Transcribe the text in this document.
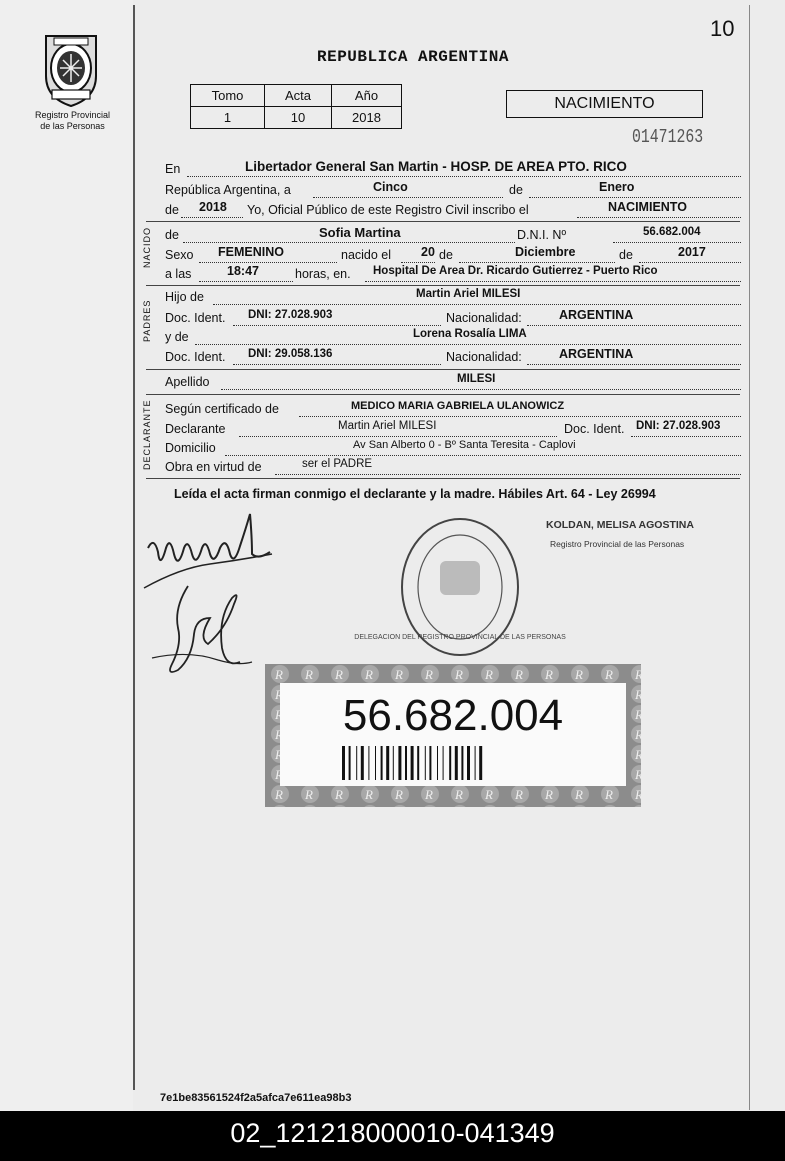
10
Registro Provincial
de las Personas
REPUBLICA ARGENTINA
Tomo	Acta	Año
1	10	2018
NACIMIENTO
01471263
En	Libertador General San Martin - HOSP. DE AREA PTO. RICO
República Argentina, a	Cinco	de	Enero
de 2018 Yo, Oficial Público de este Registro Civil inscribo el	NACIMIENTO
NACIDO de	Sofia Martina	D.N.I. Nº	56.682.004
Sexo FEMENINO	nacido el 20 de	Diciembre	de	2017
a las	18:47	horas, en. Hospital De Area Dr. Ricardo Gutierrez - Puerto Rico
PADRES
Hijo de	Martin Ariel MILESI
Doc. Ident. DNI: 27.028.903	Nacionalidad:	ARGENTINA
y de	Lorena Rosalía LIMA
Doc. Ident. DNI: 29.058.136	Nacionalidad:	ARGENTINA
Apellido	MILESI
DECLARANTE Según certificado de	MEDICO MARIA GABRIELA ULANOWICZ
Declarante	Martin Ariel MILESI	Doc. Ident. DNI: 27.028.903
Domicilio	Av San Alberto 0 - Bº Santa Teresita - Caplovi
Obra en virtud de	ser el PADRE
Leída el acta firman conmigo el declarante y la madre. Hábiles Art. 64 - Ley 26994
DELEGACION DEL REGISTRO PROVINCIAL DE LAS PERSONAS
KOLDAN, MELISA AGOSTINA
Registro Provincial de las Personas
56.682.004
7e1be83561524f2a5afca7e611ea98b3
02_121218000010-041349
